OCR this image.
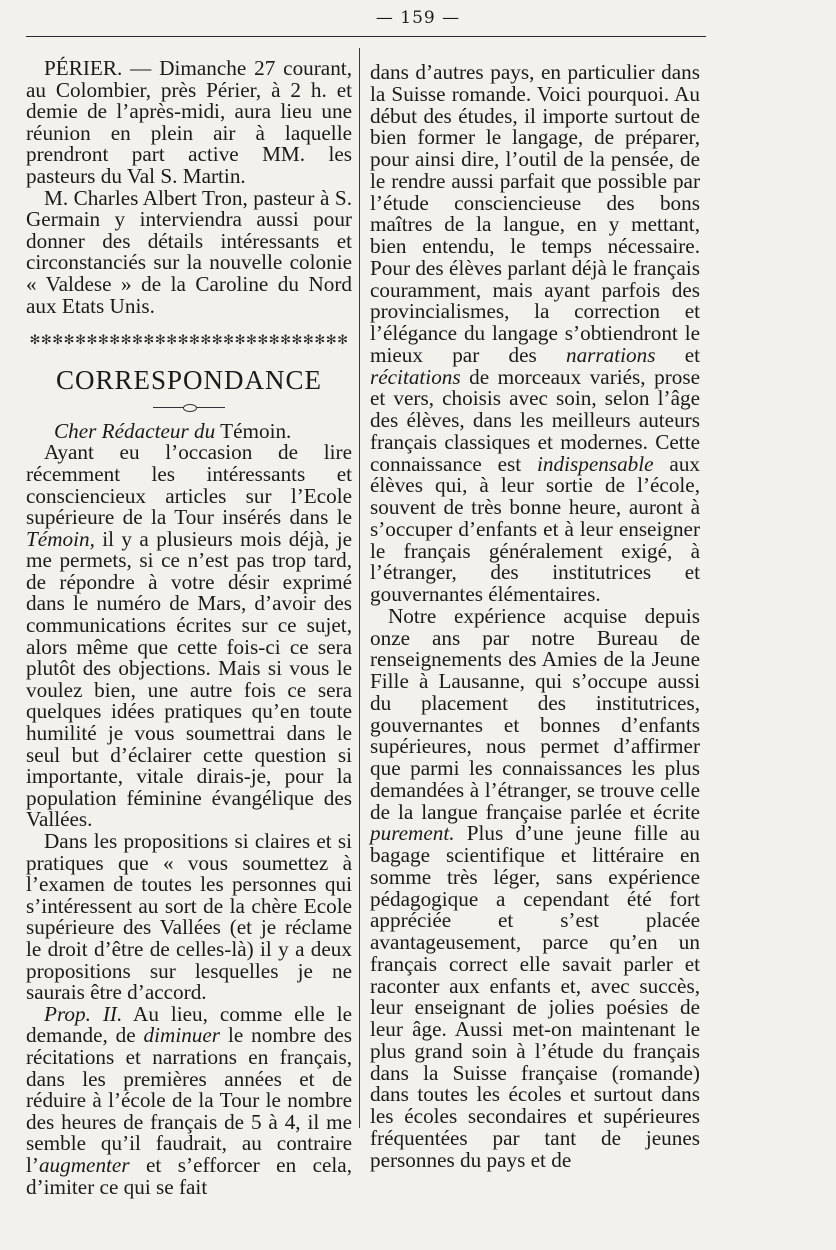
— 159 —

PÉRIER. — Dimanche 27 courant, au Colombier, près Périer, à 2 h. et demie de l’après-midi, aura lieu une réunion en plein air à laquelle prendront part active MM. les pasteurs du Val S. Martin.

M. Charles Albert Tron, pasteur à S. Germain y interviendra aussi pour donner des détails intéressants et circonstanciés sur la nouvelle colonie « Valdese » de la Caroline du Nord aux Etats Unis.

✻✻✻✻✻✻✻✻✻✻✻✻✻✻✻✻✻✻✻✻✻✻✻✻✻✻✻✻
CORRESPONDANCE

Cher Rédacteur du Témoin.

Ayant eu l’occasion de lire récemment les intéressants et consciencieux articles sur l’Ecole supérieure de la Tour insérés dans le Témoin, il y a plusieurs mois déjà, je me permets, si ce n’est pas trop tard, de répondre à votre désir exprimé dans le numéro de Mars, d’avoir des communications écrites sur ce sujet, alors même que cette fois-ci ce sera plutôt des objections. Mais si vous le voulez bien, une autre fois ce sera quelques idées pratiques qu’en toute humilité je vous soumettrai dans le seul but d’éclairer cette question si importante, vitale dirais-je, pour la population féminine évangélique des Vallées.

Dans les propositions si claires et si pratiques que « vous soumettez à l’examen de toutes les personnes qui s’intéressent au sort de la chère Ecole supérieure des Vallées (et je réclame le droit d’être de celles-là) il y a deux propositions sur lesquelles je ne saurais être d’accord.

Prop. II. Au lieu, comme elle le demande, de diminuer le nombre des récitations et narrations en français, dans les premières années et de réduire à l’école de la Tour le nombre des heures de français de 5 à 4, il me semble qu’il faudrait, au contraire l’augmenter et s’efforcer en cela, d’imiter ce qui se fait

dans d’autres pays, en particulier dans la Suisse romande. Voici pourquoi. Au début des études, il importe surtout de bien former le langage, de préparer, pour ainsi dire, l’outil de la pensée, de le rendre aussi parfait que possible par l’étude consciencieuse des bons maîtres de la langue, en y mettant, bien entendu, le temps nécessaire. Pour des élèves parlant déjà le français couramment, mais ayant parfois des provincialismes, la correction et l’élégance du langage s’obtiendront le mieux par des narrations et récitations de morceaux variés, prose et vers, choisis avec soin, selon l’âge des élèves, dans les meilleurs auteurs français classiques et modernes. Cette connaissance est indispensable aux élèves qui, à leur sortie de l’école, souvent de très bonne heure, auront à s’occuper d’enfants et à leur enseigner le français généralement exigé, à l’étranger, des institutrices et gouvernantes élémentaires.

Notre expérience acquise depuis onze ans par notre Bureau de renseignements des Amies de la Jeune Fille à Lausanne, qui s’occupe aussi du placement des institutrices, gouvernantes et bonnes d’enfants supérieures, nous permet d’affirmer que parmi les connaissances les plus demandées à l’étranger, se trouve celle de la langue française parlée et écrite purement. Plus d’une jeune fille au bagage scientifique et littéraire en somme très léger, sans expérience pédagogique a cependant été fort appréciée et s’est placée avantageusement, parce qu’en un français correct elle savait parler et raconter aux enfants et, avec succès, leur enseignant de jolies poésies de leur âge. Aussi met-on maintenant le plus grand soin à l’étude du français dans la Suisse française (romande) dans toutes les écoles et surtout dans les écoles secondaires et supérieures fréquentées par tant de jeunes personnes du pays et de
